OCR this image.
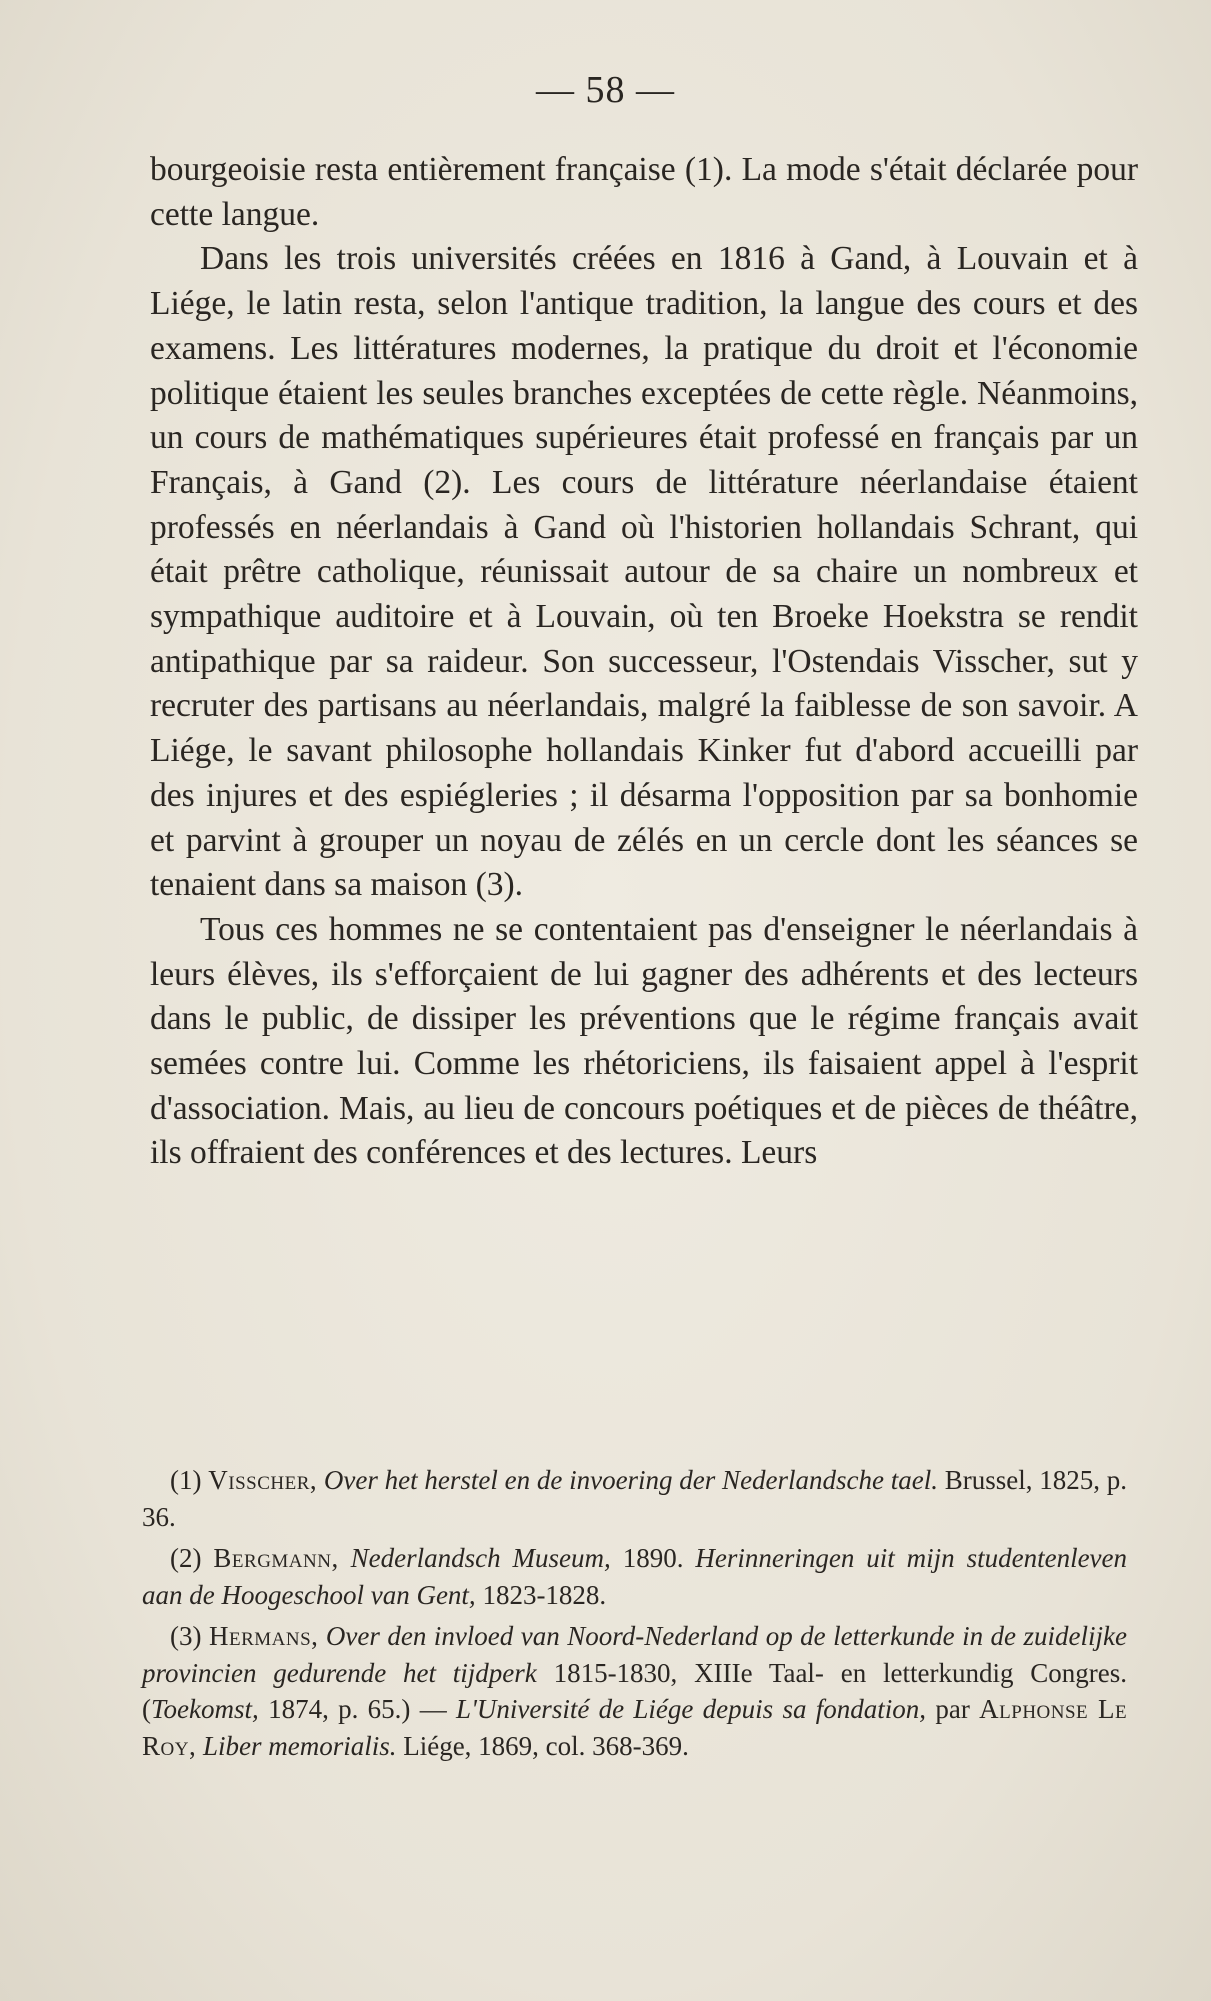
— 58 —

bourgeoisie resta entièrement française (1). La mode s'était déclarée pour cette langue.

Dans les trois universités créées en 1816 à Gand, à Louvain et à Liége, le latin resta, selon l'antique tradition, la langue des cours et des examens. Les littératures modernes, la pratique du droit et l'économie politique étaient les seules branches exceptées de cette règle. Néanmoins, un cours de mathématiques supérieures était professé en français par un Français, à Gand (2). Les cours de littérature néerlandaise étaient professés en néerlandais à Gand où l'historien hollandais Schrant, qui était prêtre catholique, réunissait autour de sa chaire un nombreux et sympathique auditoire et à Louvain, où ten Broeke Hoekstra se rendit antipathique par sa raideur. Son successeur, l'Ostendais Visscher, sut y recruter des partisans au néerlandais, malgré la faiblesse de son savoir. A Liége, le savant philosophe hollandais Kinker fut d'abord accueilli par des injures et des espiégleries ; il désarma l'opposition par sa bonhomie et parvint à grouper un noyau de zélés en un cercle dont les séances se tenaient dans sa maison (3).

Tous ces hommes ne se contentaient pas d'enseigner le néerlandais à leurs élèves, ils s'efforçaient de lui gagner des adhérents et des lecteurs dans le public, de dissiper les préventions que le régime français avait semées contre lui. Comme les rhétoriciens, ils faisaient appel à l'esprit d'association. Mais, au lieu de concours poétiques et de pièces de théâtre, ils offraient des conférences et des lectures. Leurs

(1) Visscher, Over het herstel en de invoering der Nederlandsche tael. Brussel, 1825, p. 36.

(2) Bergmann, Nederlandsch Museum, 1890. Herinneringen uit mijn studentenleven aan de Hoogeschool van Gent, 1823-1828.

(3) Hermans, Over den invloed van Noord-Nederland op de letterkunde in de zuidelijke provincien gedurende het tijdperk 1815-1830, XIIIe Taal- en letterkundig Congres. (Toekomst, 1874, p. 65.) — L'Université de Liége depuis sa fondation, par Alphonse Le Roy, Liber memorialis. Liége, 1869, col. 368-369.
